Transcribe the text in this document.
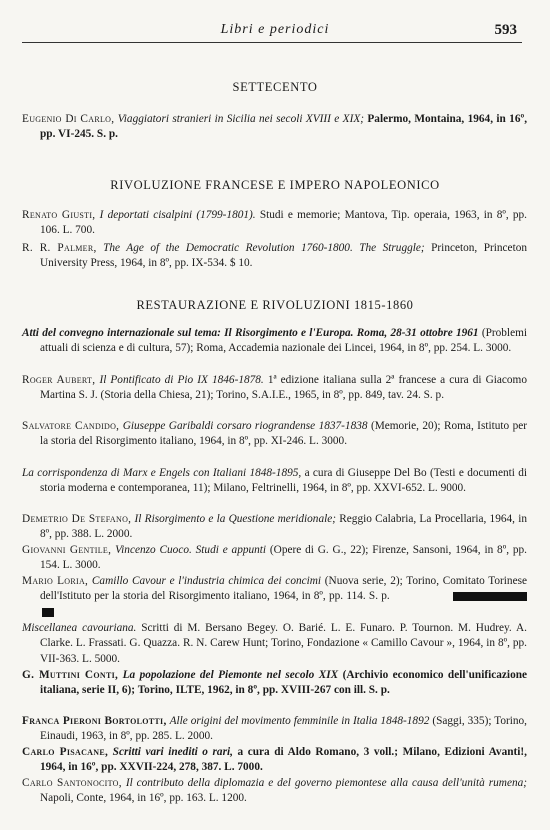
Libri e periodici	593
SETTECENTO
Eugenio Di Carlo, Viaggiatori stranieri in Sicilia nei secoli XVIII e XIX; Palermo, Montaina, 1964, in 16º, pp. VI-245. S. p.
RIVOLUZIONE FRANCESE E IMPERO NAPOLEONICO
Renato Giusti, I deportati cisalpini (1799-1801). Studi e memorie; Mantova, Tip. operaia, 1963, in 8º, pp. 106. L. 700.
R. R. Palmer, The Age of the Democratic Revolution 1760-1800. The Struggle; Princeton, Princeton University Press, 1964, in 8º, pp. IX-534. $ 10.
RESTAURAZIONE E RIVOLUZIONI 1815-1860
Atti del convegno internazionale sul tema: Il Risorgimento e l'Europa. Roma, 28-31 ottobre 1961 (Problemi attuali di scienza e di cultura, 57); Roma, Accademia nazionale dei Lincei, 1964, in 8º, pp. 254. L. 3000.
Roger Aubert, Il Pontificato di Pio IX 1846-1878. 1ª edizione italiana sulla 2ª francese a cura di Giacomo Martina S. J. (Storia della Chiesa, 21); Torino, S.A.I.E., 1965, in 8º, pp. 849, tav. 24. S. p.
Salvatore Candido, Giuseppe Garibaldi corsaro riograndense 1837-1838 (Memorie, 20); Roma, Istituto per la storia del Risorgimento italiano, 1964, in 8º, pp. XI-246. L. 3000.
La corrispondenza di Marx e Engels con Italiani 1848-1895, a cura di Giuseppe Del Bo (Testi e documenti di storia moderna e contemporanea, 11); Milano, Feltrinelli, 1964, in 8º, pp. XXVI-652. L. 9000.
Demetrio De Stefano, Il Risorgimento e la Questione meridionale; Reggio Calabria, La Procellaria, 1964, in 8º, pp. 388. L. 2000.
Giovanni Gentile, Vincenzo Cuoco. Studi e appunti (Opere di G. G., 22); Firenze, Sansoni, 1964, in 8º, pp. 154. L. 3000.
Mario Loria, Camillo Cavour e l'industria chimica dei concimi (Nuova serie, 2); Torino, Comitato Torinese dell'Istituto per la storia del Risorgimento italiano, 1964, in 8º, pp. 114. S. p.
Miscellanea cavouriana. Scritti di M. Bersano Begey. O. Barié. L. E. Funaro. P. Tournon. M. Hudrey. A. Clarke. L. Frassati. G. Quazza. R. N. Carew Hunt; Torino, Fondazione « Camillo Cavour », 1964, in 8º, pp. VII-363. L. 5000.
G. Muttini Conti, La popolazione del Piemonte nel secolo XIX (Archivio economico dell'unificazione italiana, serie II, 6); Torino, ILTE, 1962, in 8º, pp. XVIII-267 con ill. S. p.
Franca Pieroni Bortolotti, Alle origini del movimento femminile in Italia 1848-1892 (Saggi, 335); Torino, Einaudi, 1963, in 8º, pp. 285. L. 2000.
Carlo Pisacane, Scritti vari inediti o rari, a cura di Aldo Romano, 3 voll.; Milano, Edizioni Avanti!, 1964, in 16º, pp. XXVII-224, 278, 387. L. 7000.
Carlo Santonocito, Il contributo della diplomazia e del governo piemontese alla causa dell'unità rumena; Napoli, Conte, 1964, in 16º, pp. 163. L. 1200.
